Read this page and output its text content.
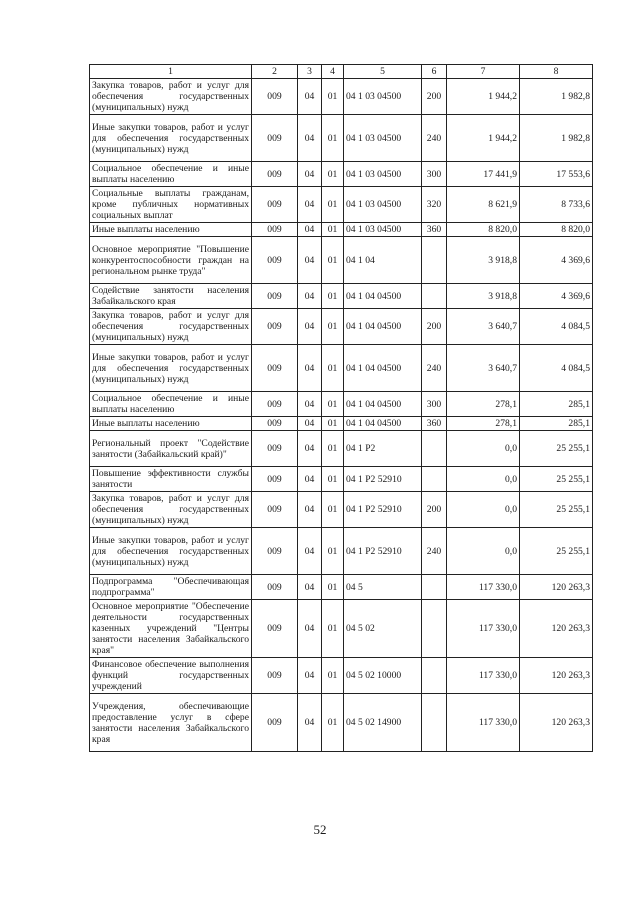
1	2	3	4	5	6	7	8
Закупка товаров, работ и услуг для обеспечения государственных (муниципальных) нужд	009	04	01	04 1 03 04500	200	1 944,2	1 982,8
Иные закупки товаров, работ и услуг для обеспечения государственных (муниципальных) нужд	009	04	01	04 1 03 04500	240	1 944,2	1 982,8
Социальное обеспечение и иные выплаты населению	009	04	01	04 1 03 04500	300	17 441,9	17 553,6
Социальные выплаты гражданам, кроме публичных нормативных социальных выплат	009	04	01	04 1 03 04500	320	8 621,9	8 733,6
Иные выплаты населению	009	04	01	04 1 03 04500	360	8 820,0	8 820,0
Основное мероприятие "Повышение конкурентоспособности граждан на региональном рынке труда"	009	04	01	04 1 04		3 918,8	4 369,6
Содействие занятости населения Забайкальского края	009	04	01	04 1 04 04500		3 918,8	4 369,6
Закупка товаров, работ и услуг для обеспечения государственных (муниципальных) нужд	009	04	01	04 1 04 04500	200	3 640,7	4 084,5
Иные закупки товаров, работ и услуг для обеспечения государственных (муниципальных) нужд	009	04	01	04 1 04 04500	240	3 640,7	4 084,5
Социальное обеспечение и иные выплаты населению	009	04	01	04 1 04 04500	300	278,1	285,1
Иные выплаты населению	009	04	01	04 1 04 04500	360	278,1	285,1
Региональный проект "Содействие занятости (Забайкальский край)"	009	04	01	04 1 P2		0,0	25 255,1
Повышение эффективности службы занятости	009	04	01	04 1 P2 52910		0,0	25 255,1
Закупка товаров, работ и услуг для обеспечения государственных (муниципальных) нужд	009	04	01	04 1 P2 52910	200	0,0	25 255,1
Иные закупки товаров, работ и услуг для обеспечения государственных (муниципальных) нужд	009	04	01	04 1 P2 52910	240	0,0	25 255,1
Подпрограмма "Обеспечивающая подпрограмма"	009	04	01	04 5		117 330,0	120 263,3
Основное мероприятие "Обеспечение деятельности государственных казенных учреждений "Центры занятости населения Забайкальского края"	009	04	01	04 5 02		117 330,0	120 263,3
Финансовое обеспечение выполнения функций государственных учреждений	009	04	01	04 5 02 10000		117 330,0	120 263,3
Учреждения, обеспечивающие предоставление услуг в сфере занятости населения Забайкальского края	009	04	01	04 5 02 14900		117 330,0	120 263,3
52
